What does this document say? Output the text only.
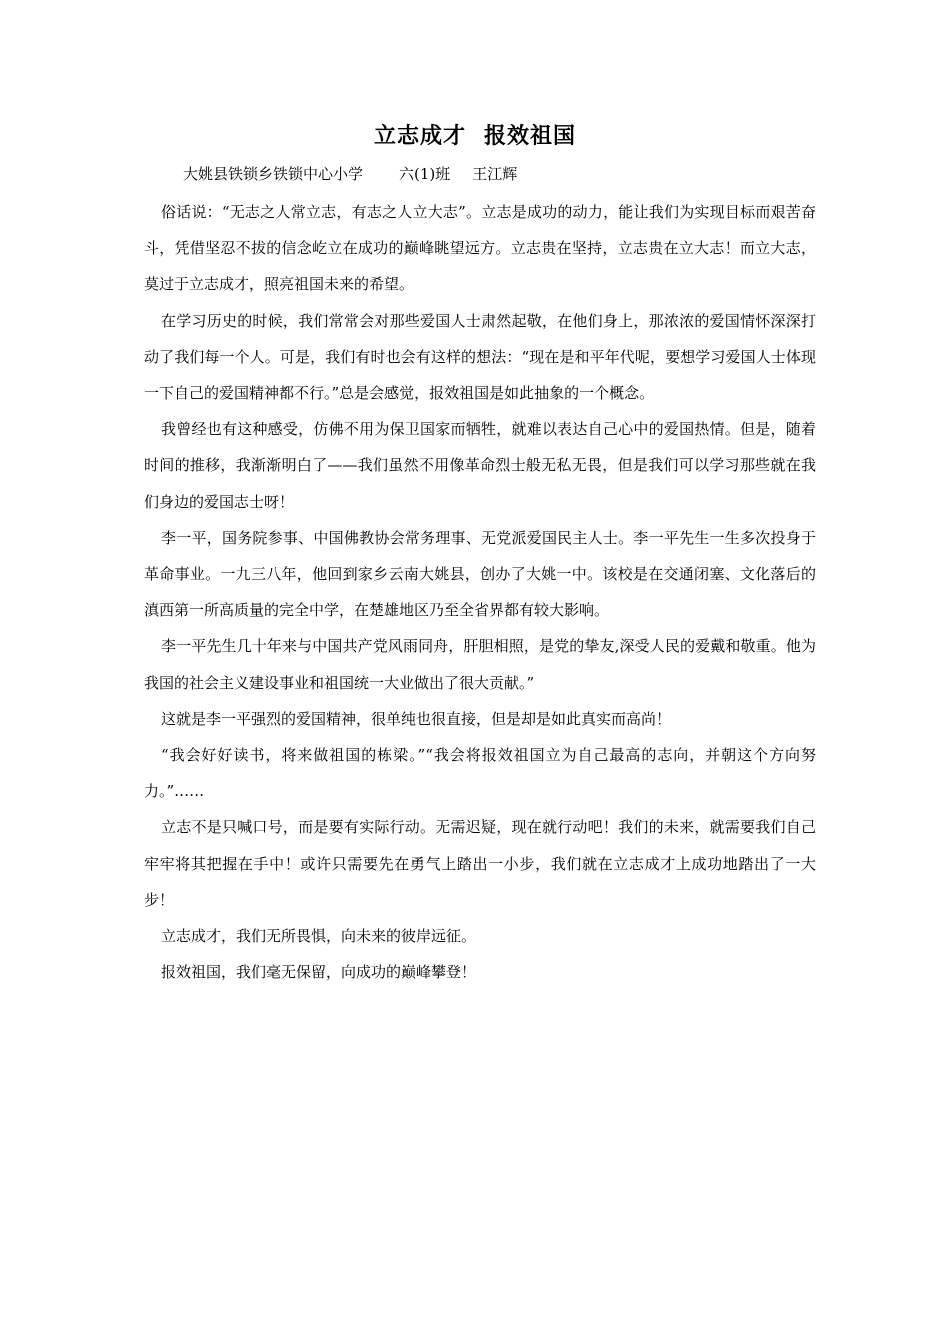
立志成才 报效祖国
大姚县铁锁乡铁锁中心小学 六(1)班 王江辉

俗话说：“无志之人常立志，有志之人立大志”。立志是成功的动力，能让我们为实现目标而艰苦奋斗，凭借坚忍不拔的信念屹立在成功的巅峰眺望远方。立志贵在坚持，立志贵在立大志！而立大志，莫过于立志成才，照亮祖国未来的希望。

在学习历史的时候，我们常常会对那些爱国人士肃然起敬，在他们身上，那浓浓的爱国情怀深深打动了我们每一个人。可是，我们有时也会有这样的想法：“现在是和平年代呢，要想学习爱国人士体现一下自己的爱国精神都不行。”总是会感觉，报效祖国是如此抽象的一个概念。

我曾经也有这种感受，仿佛不用为保卫国家而牺牲，就难以表达自己心中的爱国热情。但是，随着时间的推移，我渐渐明白了——我们虽然不用像革命烈士般无私无畏，但是我们可以学习那些就在我们身边的爱国志士呀！

李一平，国务院参事、中国佛教协会常务理事、无党派爱国民主人士。李一平先生一生多次投身于革命事业。一九三八年，他回到家乡云南大姚县，创办了大姚一中。该校是在交通闭塞、文化落后的滇西第一所高质量的完全中学，在楚雄地区乃至全省界都有较大影响。

李一平先生几十年来与中国共产党风雨同舟，肝胆相照，是党的挚友,深受人民的爱戴和敬重。他为我国的社会主义建设事业和祖国统一大业做出了很大贡献。”

这就是李一平强烈的爱国精神，很单纯也很直接，但是却是如此真实而高尚！

“我会好好读书，将来做祖国的栋梁。”“我会将报效祖国立为自己最高的志向，并朝这个方向努力。”……

立志不是只喊口号，而是要有实际行动。无需迟疑，现在就行动吧！我们的未来，就需要我们自己牢牢将其把握在手中！或许只需要先在勇气上踏出一小步，我们就在立志成才上成功地踏出了一大步！

立志成才，我们无所畏惧，向未来的彼岸远征。

报效祖国，我们毫无保留，向成功的巅峰攀登！
